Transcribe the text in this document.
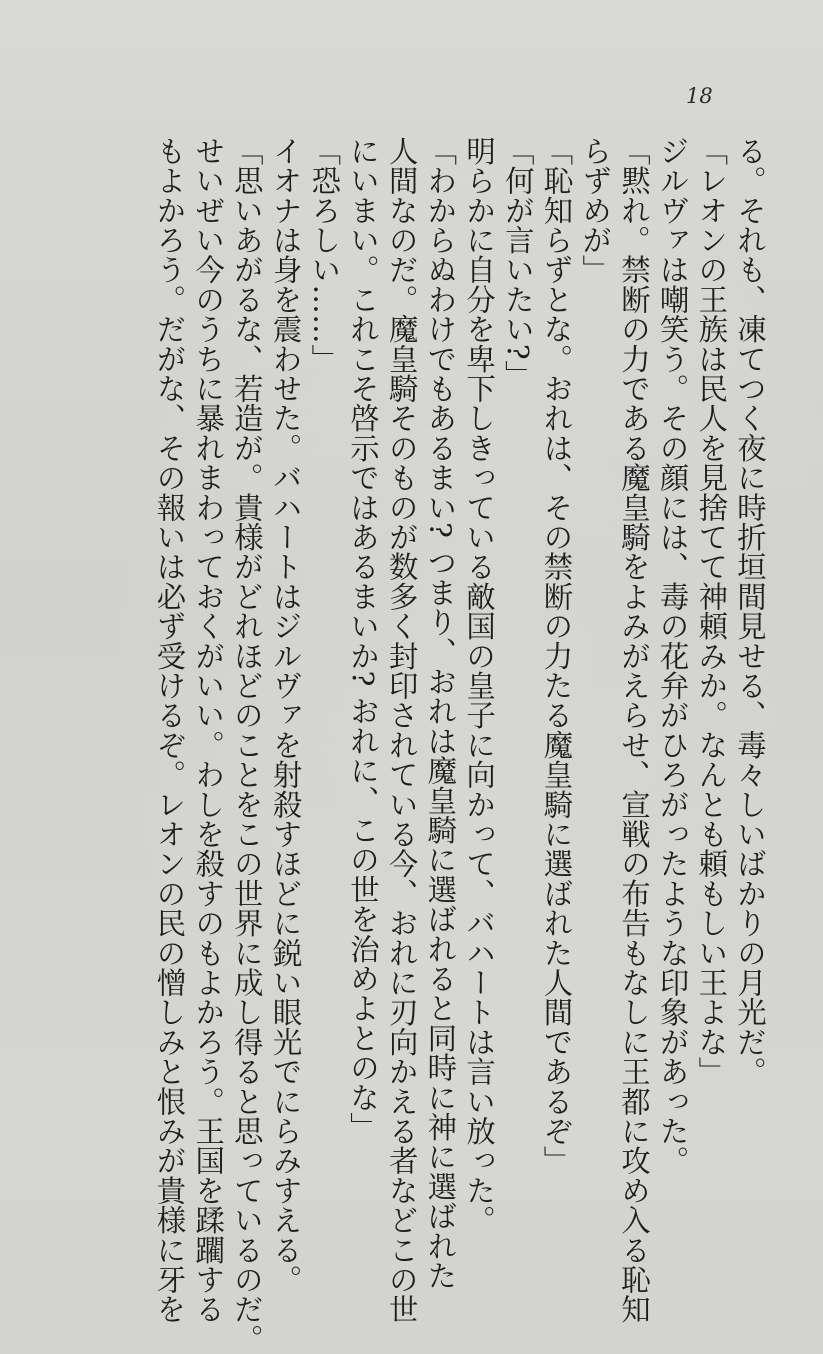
18
る。それも、凍てつく夜に時折垣間見せる、毒々しいばかりの月光だ。
「レオンの王族は民人を見捨てて神頼みか。なんとも頼もしい王よな」
ジルヴァは嘲笑う。その顔には、毒の花弁がひろがったような印象があった。
「黙れ。禁断の力である魔皇騎をよみがえらせ、宣戦の布告もなしに王都に攻め入る恥知
らずめが」
「恥知らずとな。おれは、その禁断の力たる魔皇騎に選ばれた人間であるぞ」
「何が言いたい?」
明らかに自分を卑下しきっている敵国の皇子に向かって、バハートは言い放った。
「わからぬわけでもあるまい? つまり、おれは魔皇騎に選ばれると同時に神に選ばれた
人間なのだ。魔皇騎そのものが数多く封印されている今、おれに刃向かえる者などこの世
にいまい。これこそ啓示ではあるまいか? おれに、この世を治めよとのな」
「恐ろしい……」
イオナは身を震わせた。バハートはジルヴァを射殺すほどに鋭い眼光でにらみすえる。
「思いあがるな、若造が。貴様がどれほどのことをこの世界に成し得ると思っているのだ。
せいぜい今のうちに暴れまわっておくがいい。わしを殺すのもよかろう。王国を蹂躙する
もよかろう。だがな、その報いは必ず受けるぞ。レオンの民の憎しみと恨みが貴様に牙を
